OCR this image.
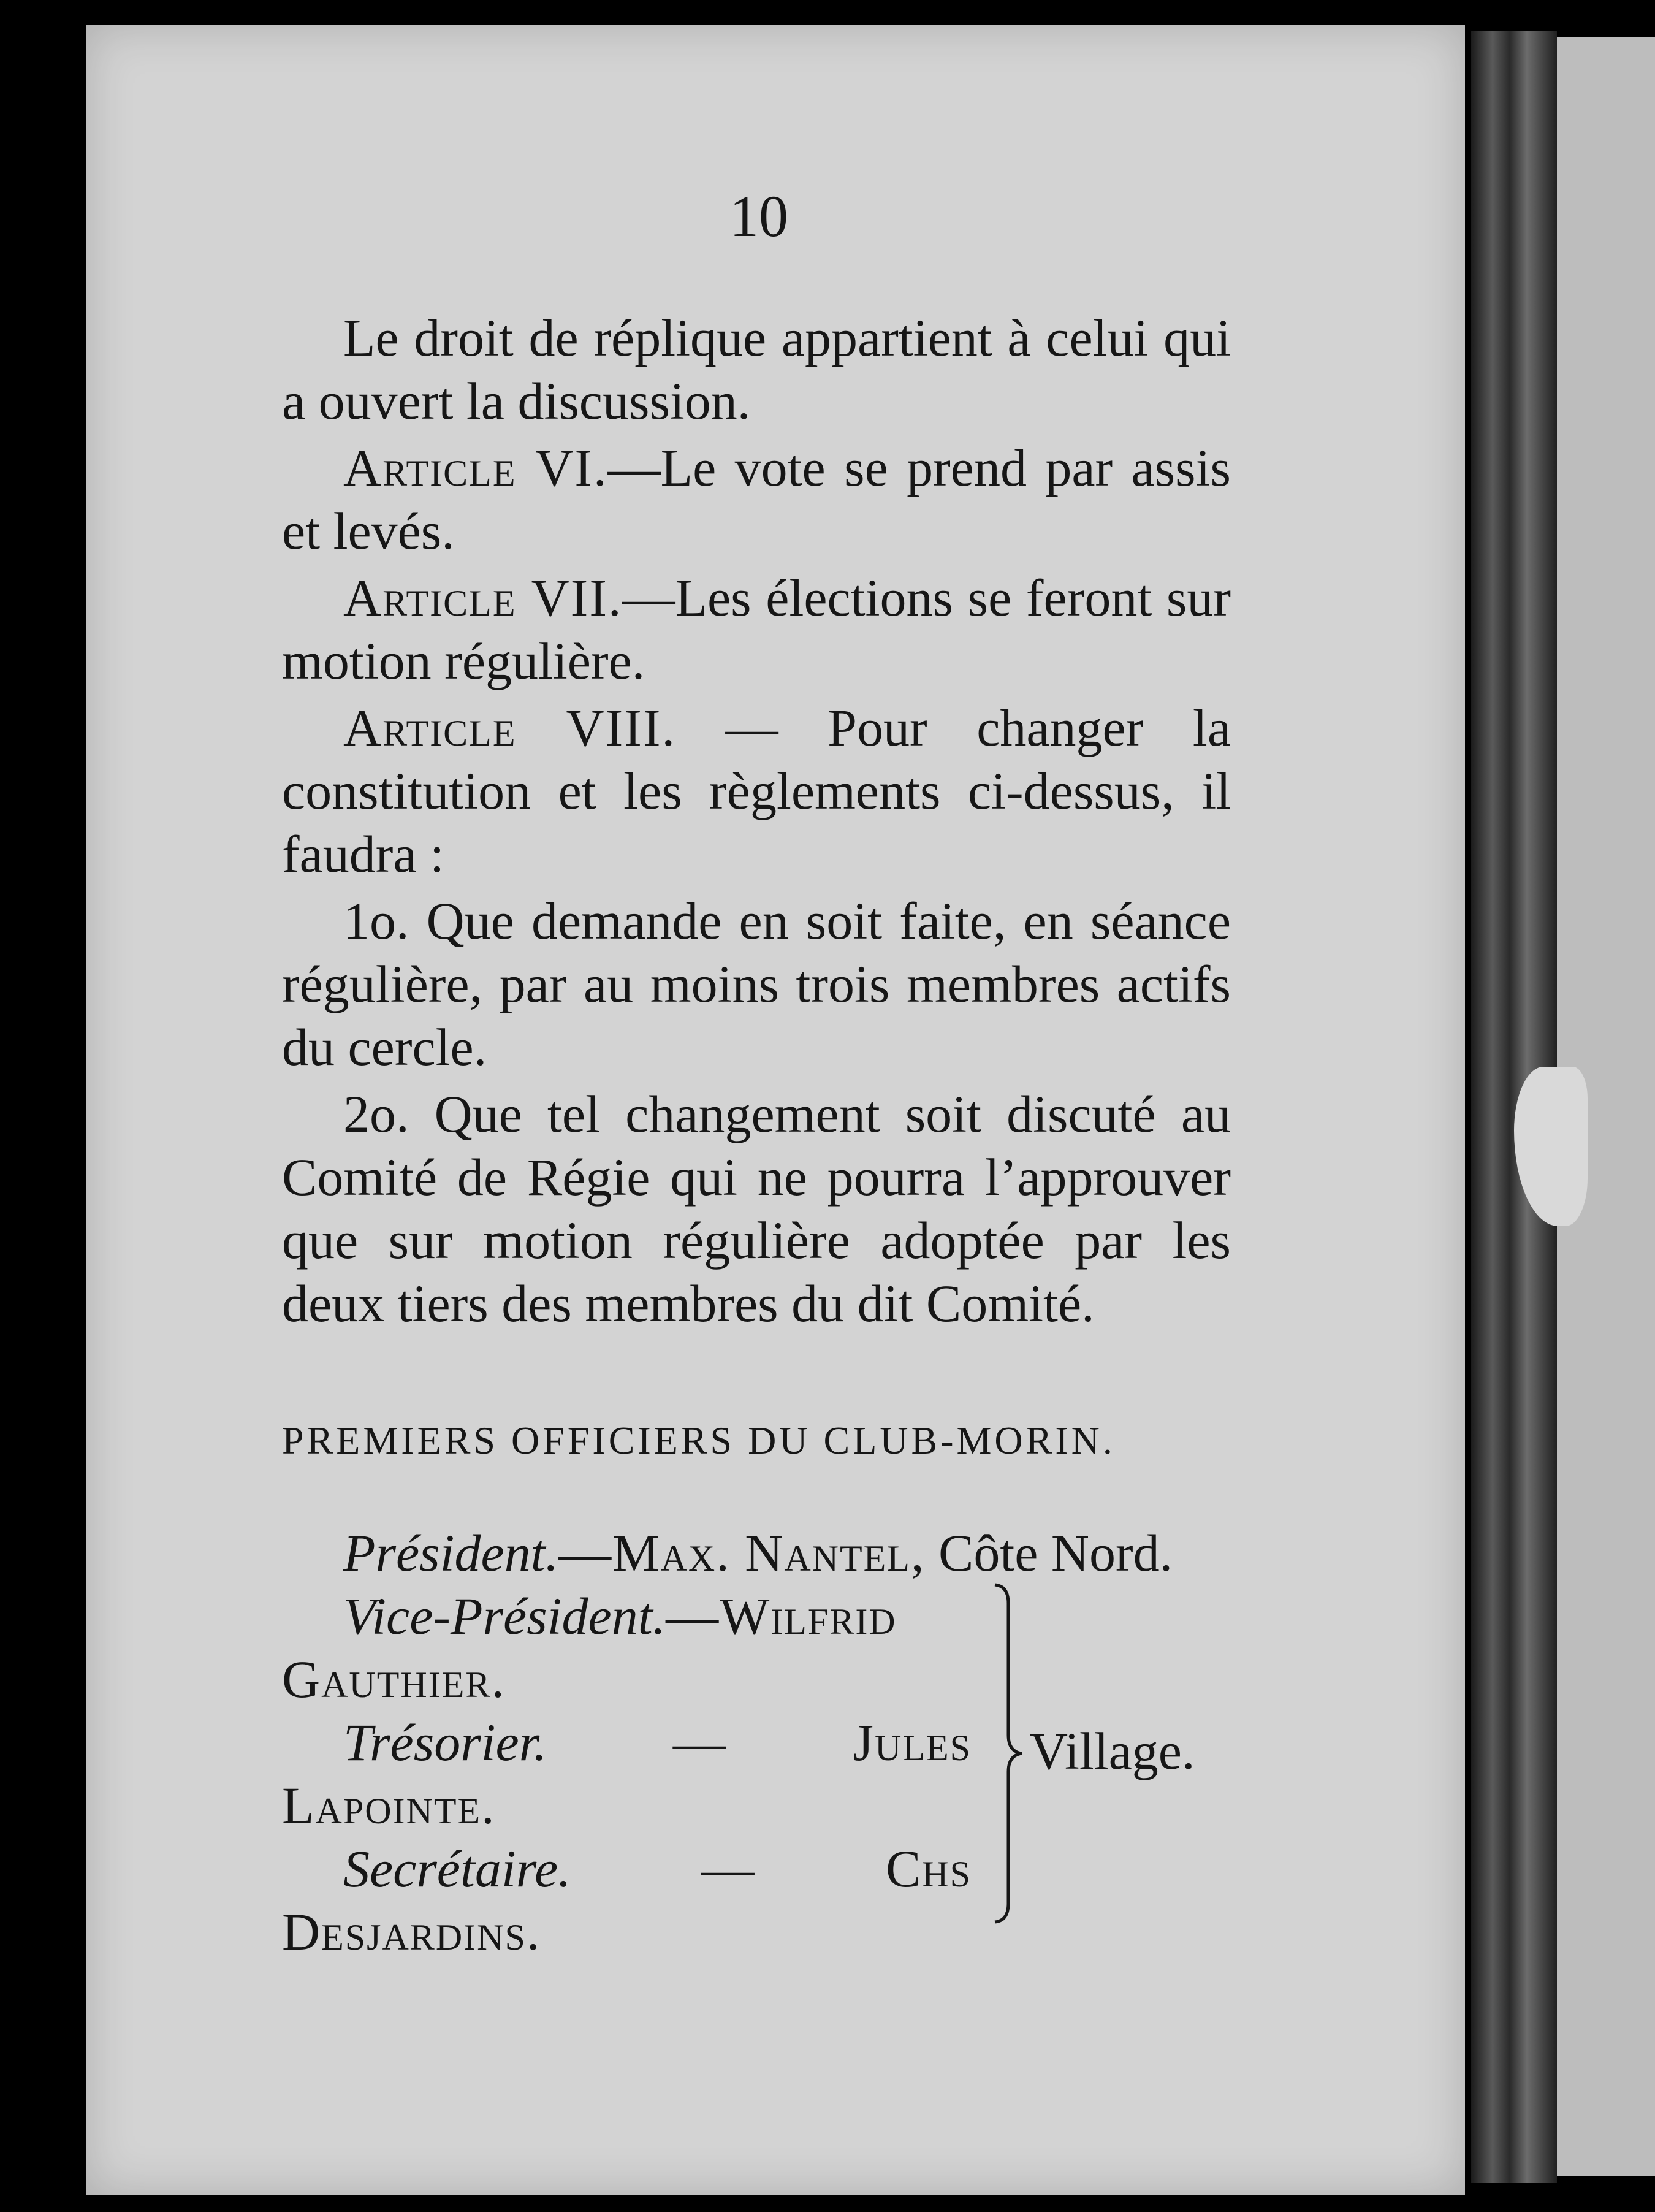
10

Le droit de réplique appartient à celui qui a ouvert la discussion.

Article VI.—Le vote se prend par assis et levés.

Article VII.—Les élections se feront sur motion régulière.

Article VIII. — Pour changer la constitution et les règlements ci-dessus, il faudra :

1o. Que demande en soit faite, en séance régulière, par au moins trois membres actifs du cercle.

2o. Que tel changement soit discuté au Comité de Régie qui ne pourra l’approuver que sur motion régulière adoptée par les deux tiers des membres du dit Comité.

PREMIERS OFFICIERS DU CLUB-MORIN.

Président.—Max. Nantel, Côte Nord.

Vice-Président.—Wilfrid Gauthier.

Trésorier. — Jules Lapointe.

Secrétaire. — Chs Desjardins.

Village.
